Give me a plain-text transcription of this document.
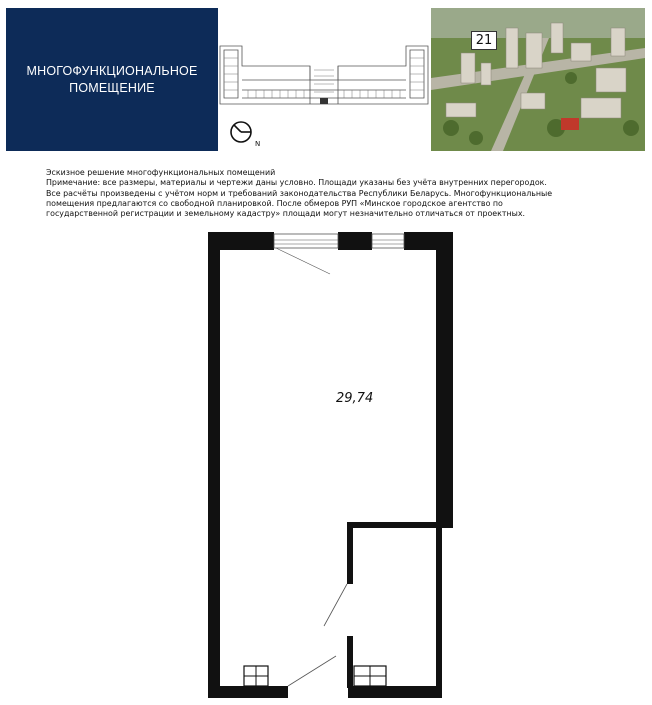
МНОГОФУНКЦИОНАЛЬНОЕ
ПОМЕЩЕНИЕ
N
21
Эскизное решение многофункциональных помещений
Примечание: все размеры, материалы и чертежи даны условно. Площади указаны без учёта внутренних перегородок.
Все расчёты произведены с учётом норм и требований законодательства Республики Беларусь. Многофункциональные
помещения предлагаются со свободной планировкой. После обмеров РУП «Минское городское агентство по
государственной регистрации и земельному кадастру» площади могут незначительно отличаться от проектных.
29,74
